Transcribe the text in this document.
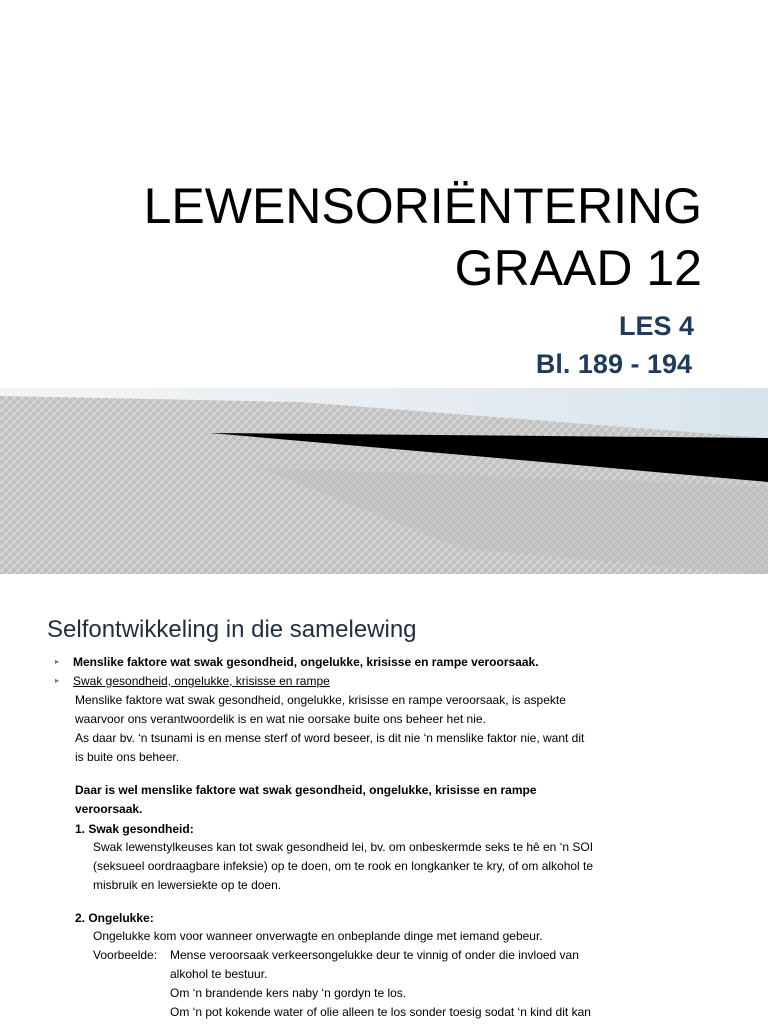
LEWENSORIËNTERING
GRAAD 12
LES 4
Bl. 189 - 194
Selfontwikkeling in die samelewing
▸ Menslike faktore wat swak gesondheid, ongelukke, krisisse en rampe veroorsaak.
▸ Swak gesondheid, ongelukke, krisisse en rampe
Menslike faktore wat swak gesondheid, ongelukke, krisisse en rampe veroorsaak, is aspekte
waarvoor ons verantwoordelik is en wat nie oorsake buite ons beheer het nie.
As daar bv. ‘n tsunami is en mense sterf of word beseer, is dit nie ‘n menslike faktor nie, want dit
is buite ons beheer.
Daar is wel menslike faktore wat swak gesondheid, ongelukke, krisisse en rampe
veroorsaak.
1. Swak gesondheid:
Swak lewenstylkeuses kan tot swak gesondheid lei, bv. om onbeskermde seks te hê en ‘n SOI
(seksueel oordraagbare infeksie) op te doen, om te rook en longkanker te kry, of om alkohol te
misbruik en lewersiekte op te doen.
2. Ongelukke:
Ongelukke kom voor wanneer onverwagte en onbeplande dinge met iemand gebeur.
Voorbeelde: Mense veroorsaak verkeersongelukke deur te vinnig of onder die invloed van
alkohol te bestuur.
Om ‘n brandende kers naby ‘n gordyn te los.
Om ‘n pot kokende water of olie alleen te los sonder toesig sodat ‘n kind dit kan
